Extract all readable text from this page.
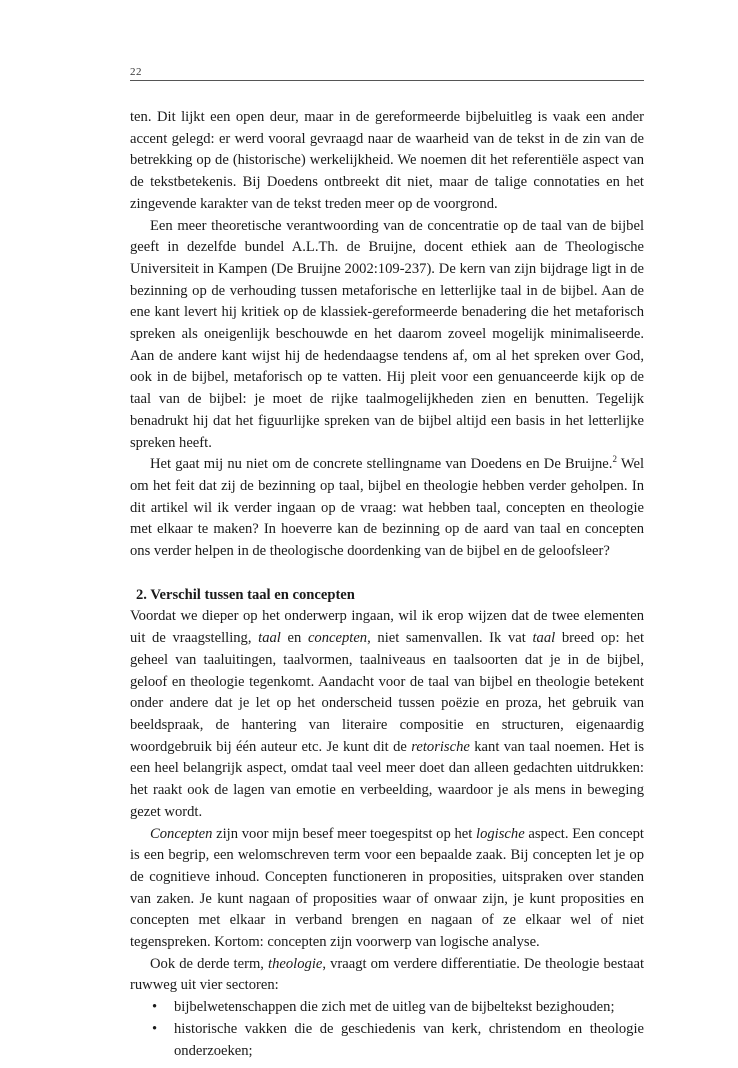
22

ten. Dit lijkt een open deur, maar in de gereformeerde bijbeluitleg is vaak een ander accent gelegd: er werd vooral gevraagd naar de waarheid van de tekst in de zin van de betrekking op de (historische) werkelijkheid. We noemen dit het referentiële aspect van de tekstbetekenis. Bij Doedens ontbreekt dit niet, maar de talige connotaties en het zingevende karakter van de tekst treden meer op de voorgrond.

Een meer theoretische verantwoording van de concentratie op de taal van de bijbel geeft in dezelfde bundel A.L.Th. de Bruijne, docent ethiek aan de Theologische Universiteit in Kampen (De Bruijne 2002:109-237). De kern van zijn bijdrage ligt in de bezinning op de verhouding tussen metaforische en letterlijke taal in de bijbel. Aan de ene kant levert hij kritiek op de klassiek-gereformeerde benadering die het metaforisch spreken als oneigenlijk beschouwde en het daarom zoveel mogelijk minimaliseerde. Aan de andere kant wijst hij de hedendaagse tendens af, om al het spreken over God, ook in de bijbel, metaforisch op te vatten. Hij pleit voor een genuanceerde kijk op de taal van de bijbel: je moet de rijke taalmogelijkheden zien en benutten. Tegelijk benadrukt hij dat het figuurlijke spreken van de bijbel altijd een basis in het letterlijke spreken heeft.

Het gaat mij nu niet om de concrete stellingname van Doedens en De Bruijne.$^2$ Wel om het feit dat zij de bezinning op taal, bijbel en theologie hebben verder geholpen. In dit artikel wil ik verder ingaan op de vraag: wat hebben taal, concepten en theologie met elkaar te maken? In hoeverre kan de bezinning op de aard van taal en concepten ons verder helpen in de theologische doordenking van de bijbel en de geloofsleer?

2. Verschil tussen taal en concepten

Voordat we dieper op het onderwerp ingaan, wil ik erop wijzen dat de twee elementen uit de vraagstelling, taal en concepten, niet samenvallen. Ik vat taal breed op: het geheel van taaluitingen, taalvormen, taalniveaus en taalsoorten dat je in de bijbel, geloof en theologie tegenkomt. Aandacht voor de taal van bijbel en theologie betekent onder andere dat je let op het onderscheid tussen poëzie en proza, het gebruik van beeldspraak, de hantering van literaire compositie en structuren, eigenaardig woordgebruik bij één auteur etc. Je kunt dit de retorische kant van taal noemen. Het is een heel belangrijk aspect, omdat taal veel meer doet dan alleen gedachten uitdrukken: het raakt ook de lagen van emotie en verbeelding, waardoor je als mens in beweging gezet wordt.

Concepten zijn voor mijn besef meer toegespitst op het logische aspect. Een concept is een begrip, een welomschreven term voor een bepaalde zaak. Bij concepten let je op de cognitieve inhoud. Concepten functioneren in proposities, uitspraken over standen van zaken. Je kunt nagaan of proposities waar of onwaar zijn, je kunt proposities en concepten met elkaar in verband brengen en nagaan of ze elkaar wel of niet tegenspreken. Kortom: concepten zijn voorwerp van logische analyse.

Ook de derde term, theologie, vraagt om verdere differentiatie. De theologie bestaat ruwweg uit vier sectoren:

• bijbelwetenschappen die zich met de uitleg van de bijbeltekst bezighouden;
• historische vakken die de geschiedenis van kerk, christendom en theologie onderzoeken;
